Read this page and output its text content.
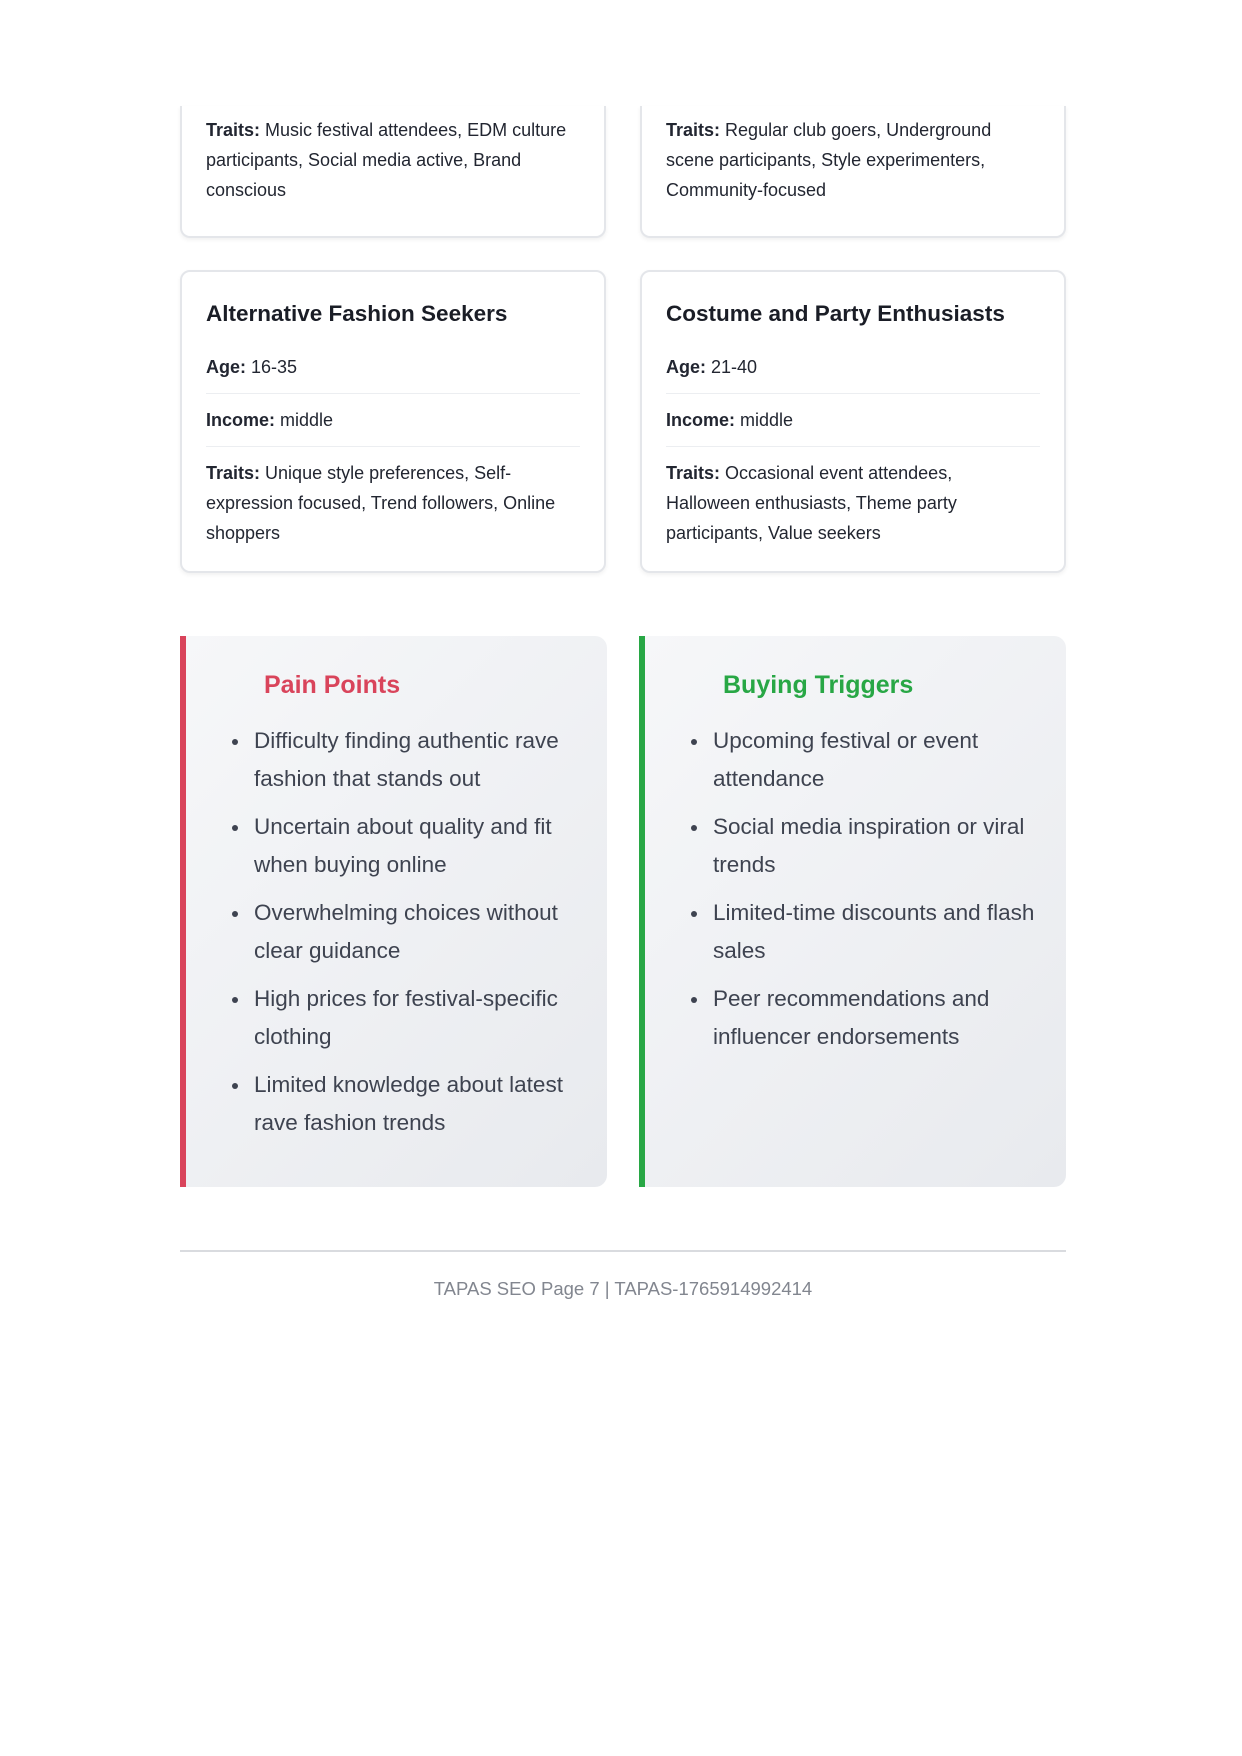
Traits: Music festival attendees, EDM culture participants, Social media active, Brand conscious
Traits: Regular club goers, Underground scene participants, Style experimenters, Community-focused
Alternative Fashion Seekers
Age: 16-35
Income: middle
Traits: Unique style preferences, Self-expression focused, Trend followers, Online shoppers
Costume and Party Enthusiasts
Age: 21-40
Income: middle
Traits: Occasional event attendees, Halloween enthusiasts, Theme party participants, Value seekers
Pain Points
Difficulty finding authentic rave fashion that stands out
Uncertain about quality and fit when buying online
Overwhelming choices without clear guidance
High prices for festival-specific clothing
Limited knowledge about latest rave fashion trends
Buying Triggers
Upcoming festival or event attendance
Social media inspiration or viral trends
Limited-time discounts and flash sales
Peer recommendations and influencer endorsements
TAPAS SEO Page 7 | TAPAS-1765914992414
